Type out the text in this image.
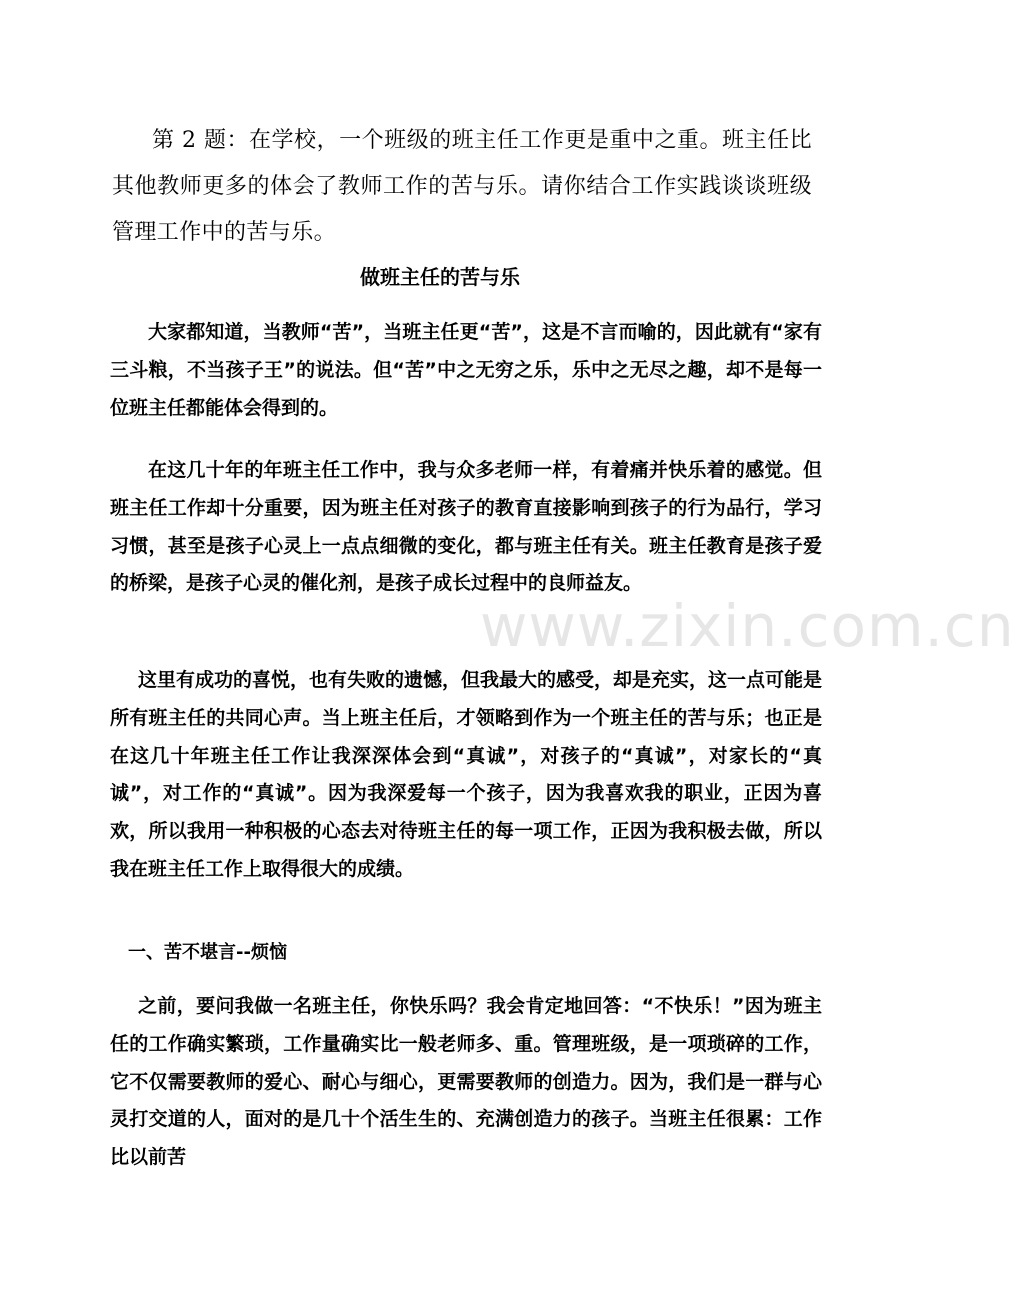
www.zixin.com.cn

第 2 题：在学校，一个班级的班主任工作更是重中之重。班主任比其他教师更多的体会了教师工作的苦与乐。请你结合工作实践谈谈班级管理工作中的苦与乐。

做班主任的苦与乐

大家都知道，当教师“苦”，当班主任更“苦”，这是不言而喻的，因此就有“家有三斗粮，不当孩子王”的说法。但“苦”中之无穷之乐，乐中之无尽之趣，却不是每一位班主任都能体会得到的。

在这几十年的年班主任工作中，我与众多老师一样，有着痛并快乐着的感觉。但班主任工作却十分重要，因为班主任对孩子的教育直接影响到孩子的行为品行，学习习惯，甚至是孩子心灵上一点点细微的变化，都与班主任有关。班主任教育是孩子爱的桥梁，是孩子心灵的催化剂，是孩子成长过程中的良师益友。

这里有成功的喜悦，也有失败的遗憾，但我最大的感受，却是充实，这一点可能是所有班主任的共同心声。当上班主任后，才领略到作为一个班主任的苦与乐；也正是在这几十年班主任工作让我深深体会到“真诚”，对孩子的“真诚”，对家长的“真诚”，对工作的“真诚”。因为我深爱每一个孩子，因为我喜欢我的职业，正因为喜欢，所以我用一种积极的心态去对待班主任的每一项工作，正因为我积极去做，所以我在班主任工作上取得很大的成绩。

一、苦不堪言--烦恼

之前，要问我做一名班主任，你快乐吗？我会肯定地回答：“不快乐！”因为班主任的工作确实繁琐，工作量确实比一般老师多、重。管理班级，是一项琐碎的工作，它不仅需要教师的爱心、耐心与细心，更需要教师的创造力。因为，我们是一群与心灵打交道的人，面对的是几十个活生生的、充满创造力的孩子。当班主任很累：工作比以前苦
